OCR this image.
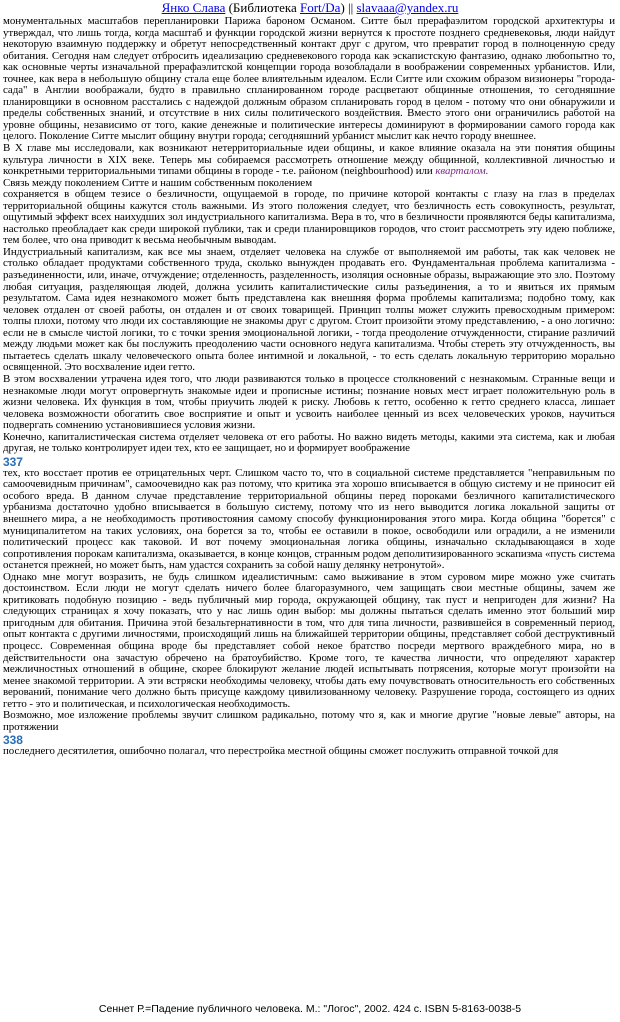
Янко Слава (Библиотека Fort/Da) || slavaaa@yandex.ru

монументальных масштабов перепланировки Парижа бароном Османом. Ситте был прерафаэлитом городской архитектуры и утверждал, что лишь тогда, когда масштаб и функции городской жизни вернутся к простоте позднего средневековья, люди найдут некоторую взаимную поддержку и обретут непосредственный контакт друг с другом, что превратит город в полноценную среду обитания. Сегодня нам следует отбросить идеализацию средневекового города как эскапистскую фантазию, однако любопытно то, как основные черты изначальной прерафаэлитской концепции города возобладали в воображении современных урбанистов. Или, точнее, как вера в небольшую общину стала еще более влиятельным идеалом. Если Ситте или схожим образом визионеры "города-сада" в Англии воображали, будто в правильно спланированном городе расцветают общинные отношения, то сегодняшние планировщики в основном расстались с надеждой должным образом спланировать город в целом - потому что они обнаружили и пределы собственных знаний, и отсутствие в них силы политического воздействия. Вместо этого они ограничились работой на уровне общины, независимо от того, какие денежные и политические интересы доминируют в формировании самого города как целого. Поколение Ситте мыслит общину внутри города; сегодняшний урбанист мыслит как нечто городу внешнее.

В X главе мы исследовали, как возникают нетерриториальные идеи общины, и какое влияние оказала на эти понятия общины культура личности в XIX веке. Теперь мы собираемся рассмотреть отношение между общинной, коллективной личностью и конкретными территориальными типами общины в городе - т.е. районом (neighbourhood) или кварталом.

Связь между поколением Ситте и нашим собственным поколением

сохраняется в общем тезисе о безличности, ощущаемой в городе, по причине которой контакты с глазу на глаз в пределах территориальной общины кажутся столь важными. Из этого положения следует, что безличность есть совокупность, результат, ощутимый эффект всех наихудших зол индустриального капитализма. Вера в то, что в безличности проявляются беды капитализма, настолько преобладает как среди широкой публики, так и среди планировщиков городов, что стоит рассмотреть эту идею поближе, тем более, что она приводит к весьма необычным выводам.

Индустриальный капитализм, как все мы знаем, отделяет человека на службе от выполняемой им работы, так как человек не столько обладает продуктами собственного труда, сколько вынужден продавать его. Фундаментальная проблема капитализма - разъединенности, или, иначе, отчуждение; отделенность, разделенность, изоляция основные образы, выражающие это зло. Поэтому любая ситуация, разделяющая людей, должна усилить капиталистические силы разъединения, а то и явиться их прямым результатом. Сама идея незнакомого может быть представлена как внешняя форма проблемы капитализма; подобно тому, как человек отдален от своей работы, он отдален и от своих товарищей. Принцип толпы может служить превосходным примером: толпы плохи, потому что люди их составляющие не знакомы друг с другом. Стоит произойти этому представлению, - а оно логично: если не в смысле чистой логики, то с точки зрения эмоциональной логики, - тогда преодоление отчужденности, стирание различий между людьми может как бы послужить преодолению части основного недуга капитализма. Чтобы стереть эту отчужденность, вы пытаетесь сделать шкалу человеческого опыта более интимной и локальной, - то есть сделать локальную территорию морально освященной. Это восхваление идеи гетто.

В этом восхвалении утрачена идея того, что люди развиваются только в процессе столкновений с незнакомым. Странные вещи и незнакомые люди могут опровергнуть знакомые идеи и прописные истины; познание новых мест играет положительную роль в жизни человека. Их функция в том, чтобы приучить людей к риску. Любовь к гетто, особенно к гетто среднего класса, лишает человека возможности обогатить свое восприятие и опыт и усвоить наиболее ценный из всех человеческих уроков, научиться подвергать сомнению установившиеся условия жизни.

Конечно, капиталистическая система отделяет человека от его работы. Но важно видеть методы, какими эта система, как и любая другая, не только контролирует идеи тех, кто ее защищает, но и формирует воображение

337

тех, кто восстает против ее отрицательных черт. Слишком часто то, что в социальной системе представляется "неправильным по самоочевидным причинам", самоочевидно как раз потому, что критика эта хорошо вписывается в общую систему и не приносит ей особого вреда. В данном случае представление территориальной общины перед пороками безличного капиталистического урбанизма достаточно удобно вписывается в большую систему, потому что из него выводится логика локальной защиты от внешнего мира, а не необходимость противостояния самому способу функционирования этого мира. Когда община "борется" с муниципалитетом на таких условиях, она борется за то, чтобы ее оставили в покое, освободили или оградили, а не изменили политический процесс как таковой. И вот почему эмоциональная логика общины, изначально складывающаяся в ходе сопротивления порокам капитализма, оказывается, в конце концов, странным родом деполитизированного эскапизма «пусть система останется прежней, но может быть, нам удастся сохранить за собой нашу делянку нетронутой».

Однако мне могут возразить, не будь слишком идеалистичным: само выживание в этом суровом мире можно уже считать достоинством. Если люди не могут сделать ничего более благоразумного, чем защищать свои местные общины, зачем же критиковать подобную позицию - ведь публичный мир города, окружающей общину, так пуст и непригоден для жизни? На следующих страницах я хочу показать, что у нас лишь один выбор: мы должны пытаться сделать именно этот больший мир пригодным для обитания. Причина этой безальтернативности в том, что для типа личности, развившейся в современный период, опыт контакта с другими личностями, происходящий лишь на ближайшей территории общины, представляет собой деструктивный процесс. Современная община вроде бы представляет собой некое братство посреди мертвого враждебного мира, но в действительности она зачастую обречено на братоубийство. Кроме того, те качества личности, что определяют характер межличностных отношений в общине, скорее блокируют желание людей испытывать потрясения, которые могут произойти на менее знакомой территории. А эти встряски необходимы человеку, чтобы дать ему почувствовать относительность его собственных верований, понимание чего должно быть присуще каждому цивилизованному человеку. Разрушение города, состоящего из одних гетто - это и политическая, и психологическая необходимость.

Возможно, мое изложение проблемы звучит слишком радикально, потому что я, как и многие другие "новые левые" авторы, на протяжении

338

последнего десятилетия, ошибочно полагал, что перестройка местной общины сможет послужить отправной точкой для

Сеннет Р.=Падение публичного человека. М.: "Логос", 2002. 424 с. ISBN 5-8163-0038-5
